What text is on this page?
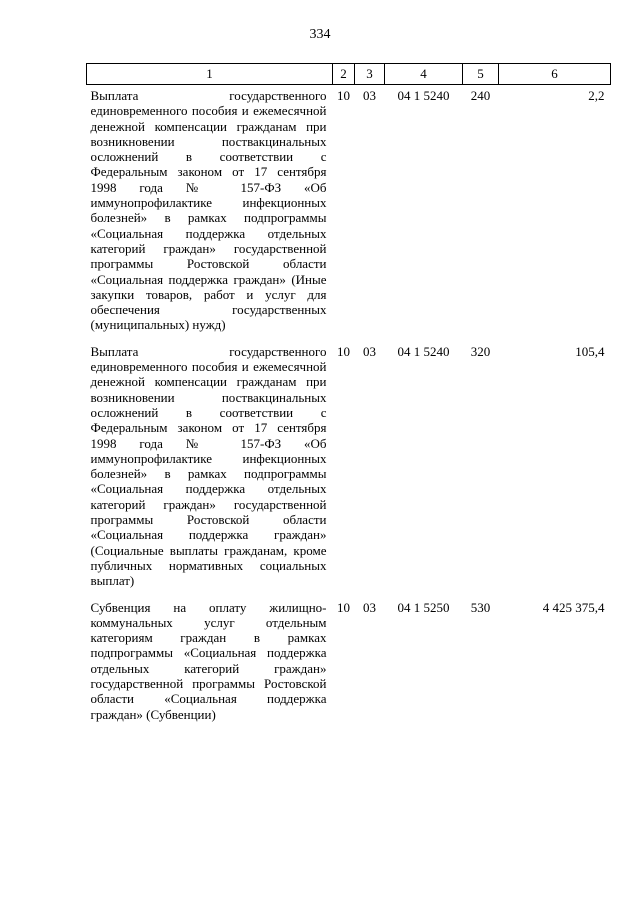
334
1	2	3	4	5	6
Выплата государственного единовременного пособия и ежемесячной денежной компенсации гражданам при возникновении поствакцинальных осложнений в соответствии с Федеральным законом от 17 сентября 1998 года № 157-ФЗ «Об иммунопрофилактике инфекционных болезней» в рамках подпрограммы «Социальная поддержка отдельных категорий граждан» государственной программы Ростовской области «Социальная поддержка граждан» (Иные закупки товаров, работ и услуг для обеспечения государственных (муниципальных) нужд)	10	03	04 1 5240	240	2,2
Выплата государственного единовременного пособия и ежемесячной денежной компенсации гражданам при возникновении поствакцинальных осложнений в соответствии с Федеральным законом от 17 сентября 1998 года № 157-ФЗ «Об иммунопрофилактике инфекционных болезней» в рамках подпрограммы «Социальная поддержка отдельных категорий граждан» государственной программы Ростовской области «Социальная поддержка граждан» (Социальные выплаты гражданам, кроме публичных нормативных социальных выплат)	10	03	04 1 5240	320	105,4
Субвенция на оплату жилищно-коммунальных услуг отдельным категориям граждан в рамках подпрограммы «Социальная поддержка отдельных категорий граждан» государственной программы Ростовской области «Социальная поддержка граждан» (Субвенции)	10	03	04 1 5250	530	4 425 375,4
